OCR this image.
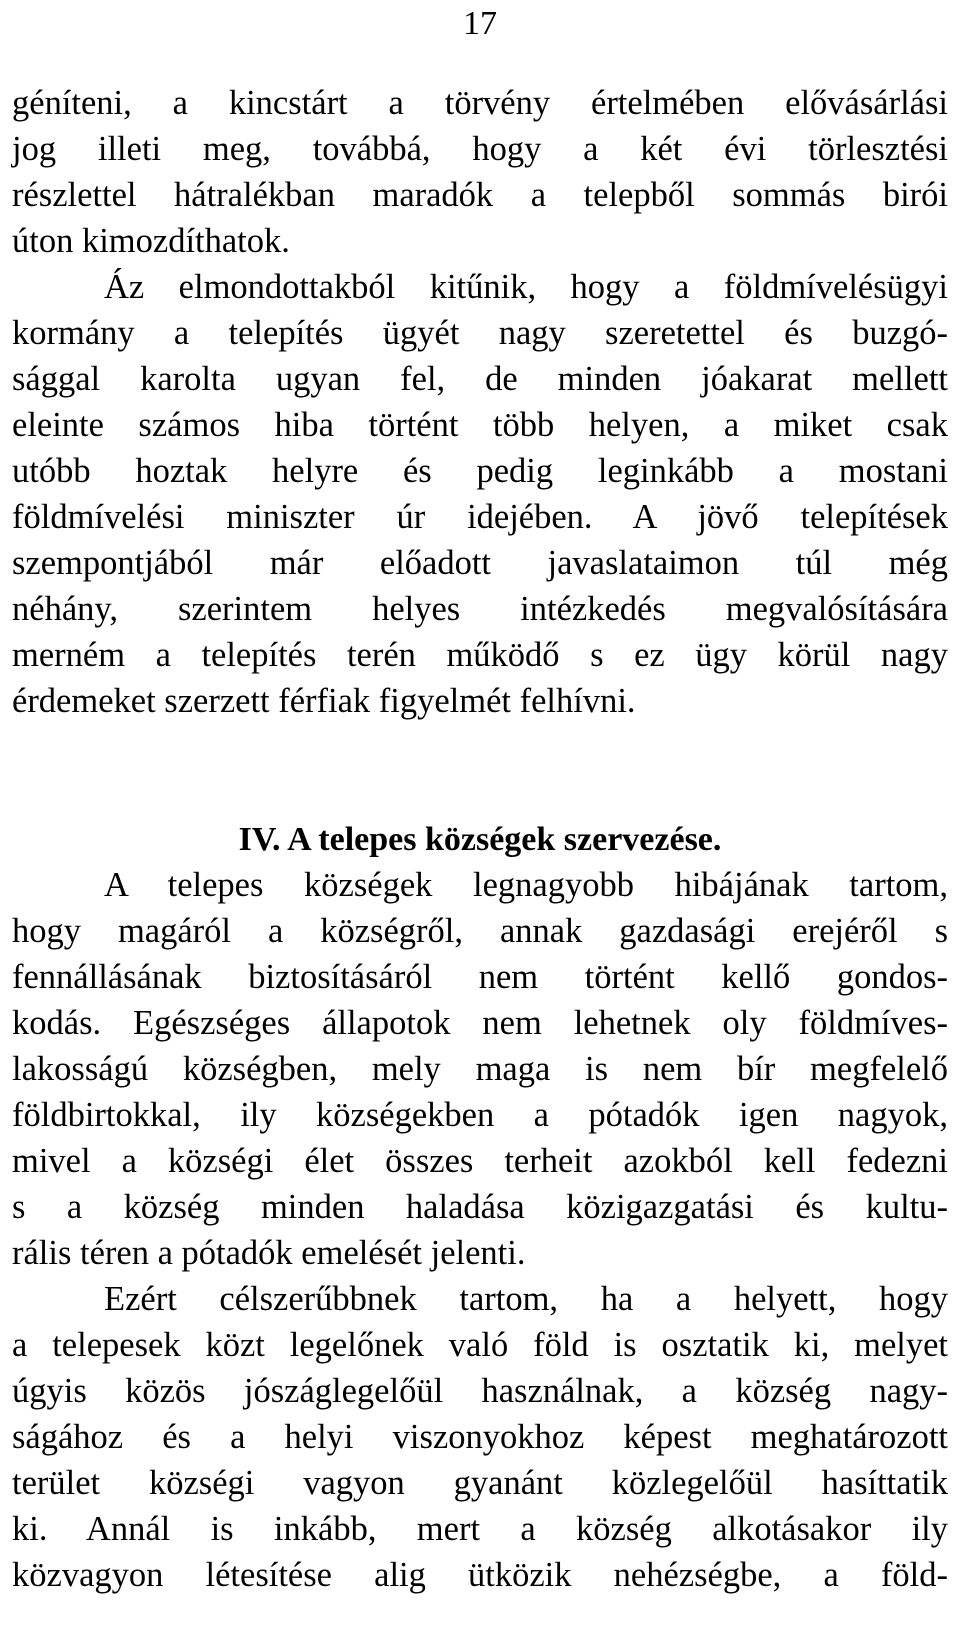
17
géníteni, a kincstárt a törvény értelmében elővásárlási
jog illeti meg, továbbá, hogy a két évi törlesztési
részlettel hátralékban maradók a telepből sommás birói
úton kimozdíthatok.
Áz elmondottakból kitűnik, hogy a földmívelésügyi
kormány a telepítés ügyét nagy szeretettel és buzgó-
sággal karolta ugyan fel, de minden jóakarat mellett
eleinte számos hiba történt több helyen, a miket csak
utóbb hoztak helyre és pedig leginkább a mostani
földmívelési miniszter úr idejében. A jövő telepítések
szempontjából már előadott javaslataimon túl még
néhány, szerintem helyes intézkedés megvalósítására
merném a telepítés terén működő s ez ügy körül nagy
érdemeket szerzett férfiak figyelmét felhívni.
IV. A telepes községek szervezése.
A telepes községek legnagyobb hibájának tartom,
hogy magáról a községről, annak gazdasági erejéről s
fennállásának biztosításáról nem történt kellő gondos-
kodás. Egészséges állapotok nem lehetnek oly földmíves-
lakosságú községben, mely maga is nem bír megfelelő
földbirtokkal, ily községekben a pótadók igen nagyok,
mivel a községi élet összes terheit azokból kell fedezni
s a község minden haladása közigazgatási és kultu-
rális téren a pótadók emelését jelenti.
Ezért célszerűbbnek tartom, ha a helyett, hogy
a telepesek közt legelőnek való föld is osztatik ki, melyet
úgyis közös jószáglegelőül használnak, a község nagy-
ságához és a helyi viszonyokhoz képest meghatározott
terület községi vagyon gyanánt közlegelőül hasíttatik
ki. Annál is inkább, mert a község alkotásakor ily
közvagyon létesítése alig ütközik nehézségbe, a föld-
